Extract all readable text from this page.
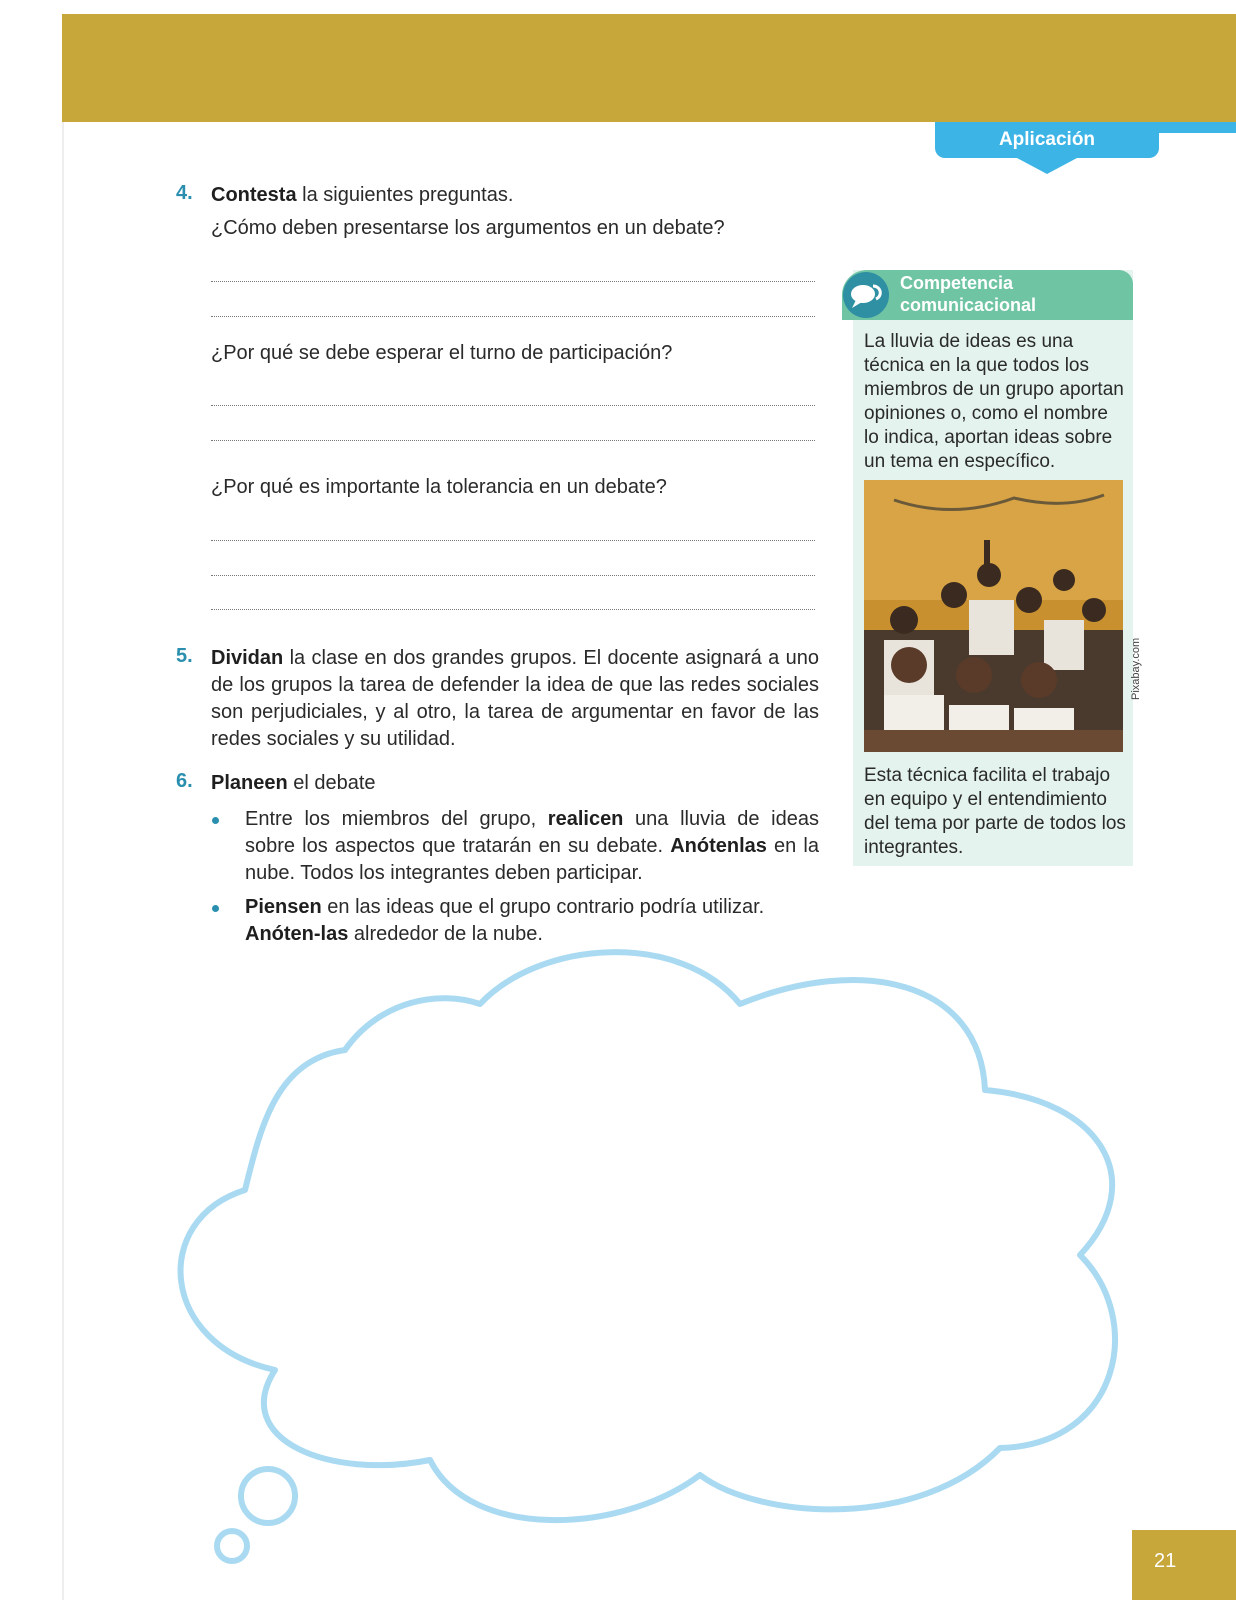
Aplicación
4. Contesta la siguientes preguntas.
¿Cómo deben presentarse los argumentos en un debate?
¿Por qué se debe esperar el turno de participación?
¿Por qué es importante la tolerancia en un debate?
5. Dividan la clase en dos grandes grupos. El docente asignará a uno de los grupos la tarea de defender la idea de que las redes sociales son perjudiciales, y al otro, la tarea de argumentar en favor de las redes sociales y su utilidad.
6. Planeen el debate
Entre los miembros del grupo, realicen una lluvia de ideas sobre los aspectos que tratarán en su debate. Anótenlas en la nube. Todos los integrantes deben participar.
Piensen en las ideas que el grupo contrario podría utilizar. Anóten-las alrededor de la nube.
Competencia
comunicacional
La lluvia de ideas es una técnica en la que todos los miembros de un grupo aportan opiniones o, como el nombre lo indica, aportan ideas sobre un tema en específico.
Pixabay.com
Esta técnica facilita el trabajo en equipo y el entendimiento del tema por parte de todos los integrantes.
21
